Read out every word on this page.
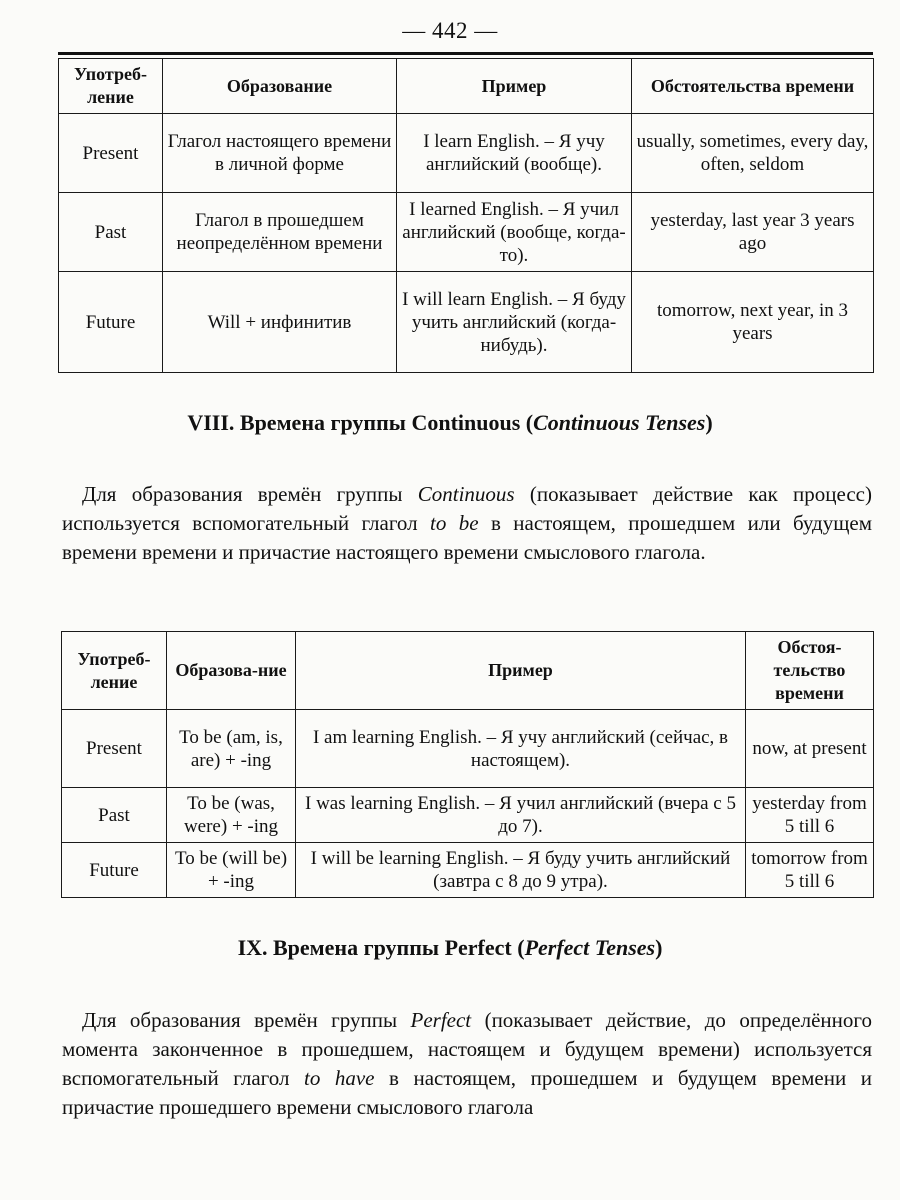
— 442 —
Употреб-ление	Образование	Пример	Обстоятельства времени
Present	Глагол настоящего времени в личной форме	I learn English. – Я учу английский (вообще).	usually, sometimes, every day, often, seldom
Past	Глагол в прошедшем неопределённом времени	I learned English. – Я учил английский (вообще, когда-то).	yesterday, last year 3 years ago
Future	Will + инфинитив	I will learn English. – Я буду учить английский (когда-нибудь).	tomorrow, next year, in 3 years
VIII. Времена группы Continuous (Continuous Tenses)
Для образования времён группы Continuous (показывает действие как процесс) используется вспомогательный глагол to be в настоящем, прошедшем или будущем времени времени и причастие настоящего времени смыслового глагола.
Употреб-ление	Образова-ние	Пример	Обстоя-тельство времени
Present	To be (am, is, are) + -ing	I am learning English. – Я учу английский (сейчас, в настоящем).	now, at present
Past	To be (was, were) + -ing	I was learning English. – Я учил английский (вчера с 5 до 7).	yesterday from 5 till 6
Future	To be (will be) + -ing	I will be learning English. – Я буду учить английский (завтра с 8 до 9 утра).	tomorrow from 5 till 6
IX. Времена группы Perfect (Perfect Tenses)
Для образования времён группы Perfect (показывает действие, до определённого момента законченное в прошедшем, настоящем и будущем времени) используется вспомогательный глагол to have в настоящем, прошедшем и будущем времени и причастие прошедшего времени смыслового глагола
